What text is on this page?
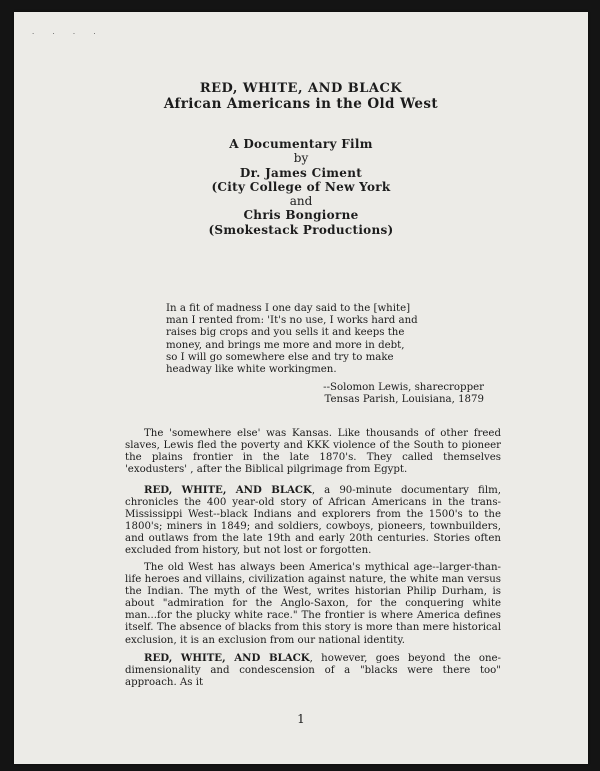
· · · ·
RED, WHITE, AND BLACK
African Americans in the Old West
A Documentary Film
by
Dr. James Ciment
(City College of New York
and
Chris Bongiorne
(Smokestack Productions)
In a fit of madness I one day said to the [white]
man I rented from: 'It's no use, I works hard and
raises big crops and you sells it and keeps the
money, and brings me more and more in debt,
so I will go somewhere else and try to make
headway like white workingmen.
--Solomon Lewis, sharecropper
Tensas Parish, Louisiana, 1879
The 'somewhere else' was Kansas. Like thousands of other freed slaves, Lewis fled the poverty and KKK violence of the South to pioneer the plains frontier in the late 1870's. They called themselves 'exodusters' , after the Biblical pilgrimage from Egypt.
RED, WHITE, AND BLACK, a 90-minute documentary film, chronicles the 400 year-old story of African Americans in the trans-Mississippi West--black Indians and explorers from the 1500's to the 1800's; miners in 1849; and soldiers, cowboys, pioneers, townbuilders, and outlaws from the late 19th and early 20th centuries. Stories often excluded from history, but not lost or forgotten.
The old West has always been America's mythical age--larger-than-life heroes and villains, civilization against nature, the white man versus the Indian. The myth of the West, writes historian Philip Durham, is about "admiration for the Anglo-Saxon, for the conquering white man...for the plucky white race." The frontier is where America defines itself. The absence of blacks from this story is more than mere historical exclusion, it is an exclusion from our national identity.
RED, WHITE, AND BLACK, however, goes beyond the one-dimensionality and condescension of a "blacks were there too" approach. As it
1
